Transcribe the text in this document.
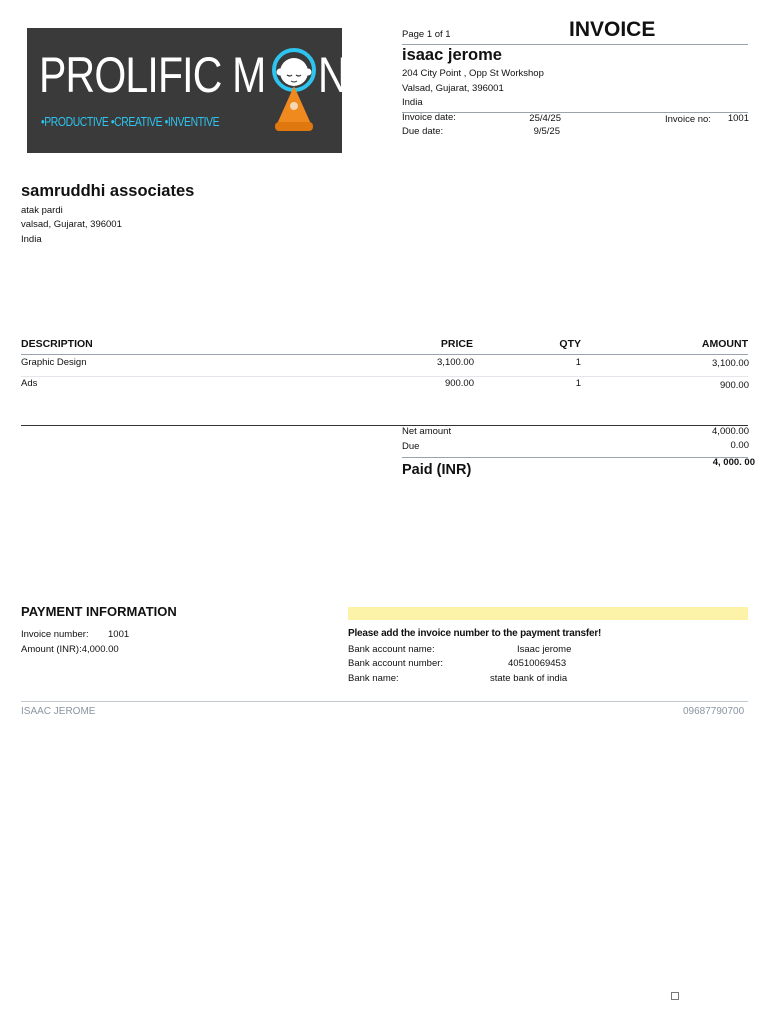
PROLIFIC M NK
•PRODUCTIVE •CREATIVE •INVENTIVE
Page 1 of 1	INVOICE
isaac jerome
204 City Point , Opp St Workshop
Valsad, Gujarat, 396001
India
Invoice date:	25/4/25
Due date:	9/5/25
Invoice no:	1001
samruddhi associates
atak pardi
valsad, Gujarat, 396001
India
DESCRIPTION	PRICE	QTY	AMOUNT
Graphic Design	3,100.00	1	3,100.00
Ads	900.00	1	900.00
Net amount	4,000.00
Due	0.00
Paid (INR)	4, 000. 00
PAYMENT INFORMATION
Invoice number: 1001
Amount (INR):4,000.00
Please add the invoice number to the payment transfer!
Bank account name:	Isaac jerome
Bank account number:	40510069453
Bank name:	state bank of india
ISAAC JEROME	09687790700
